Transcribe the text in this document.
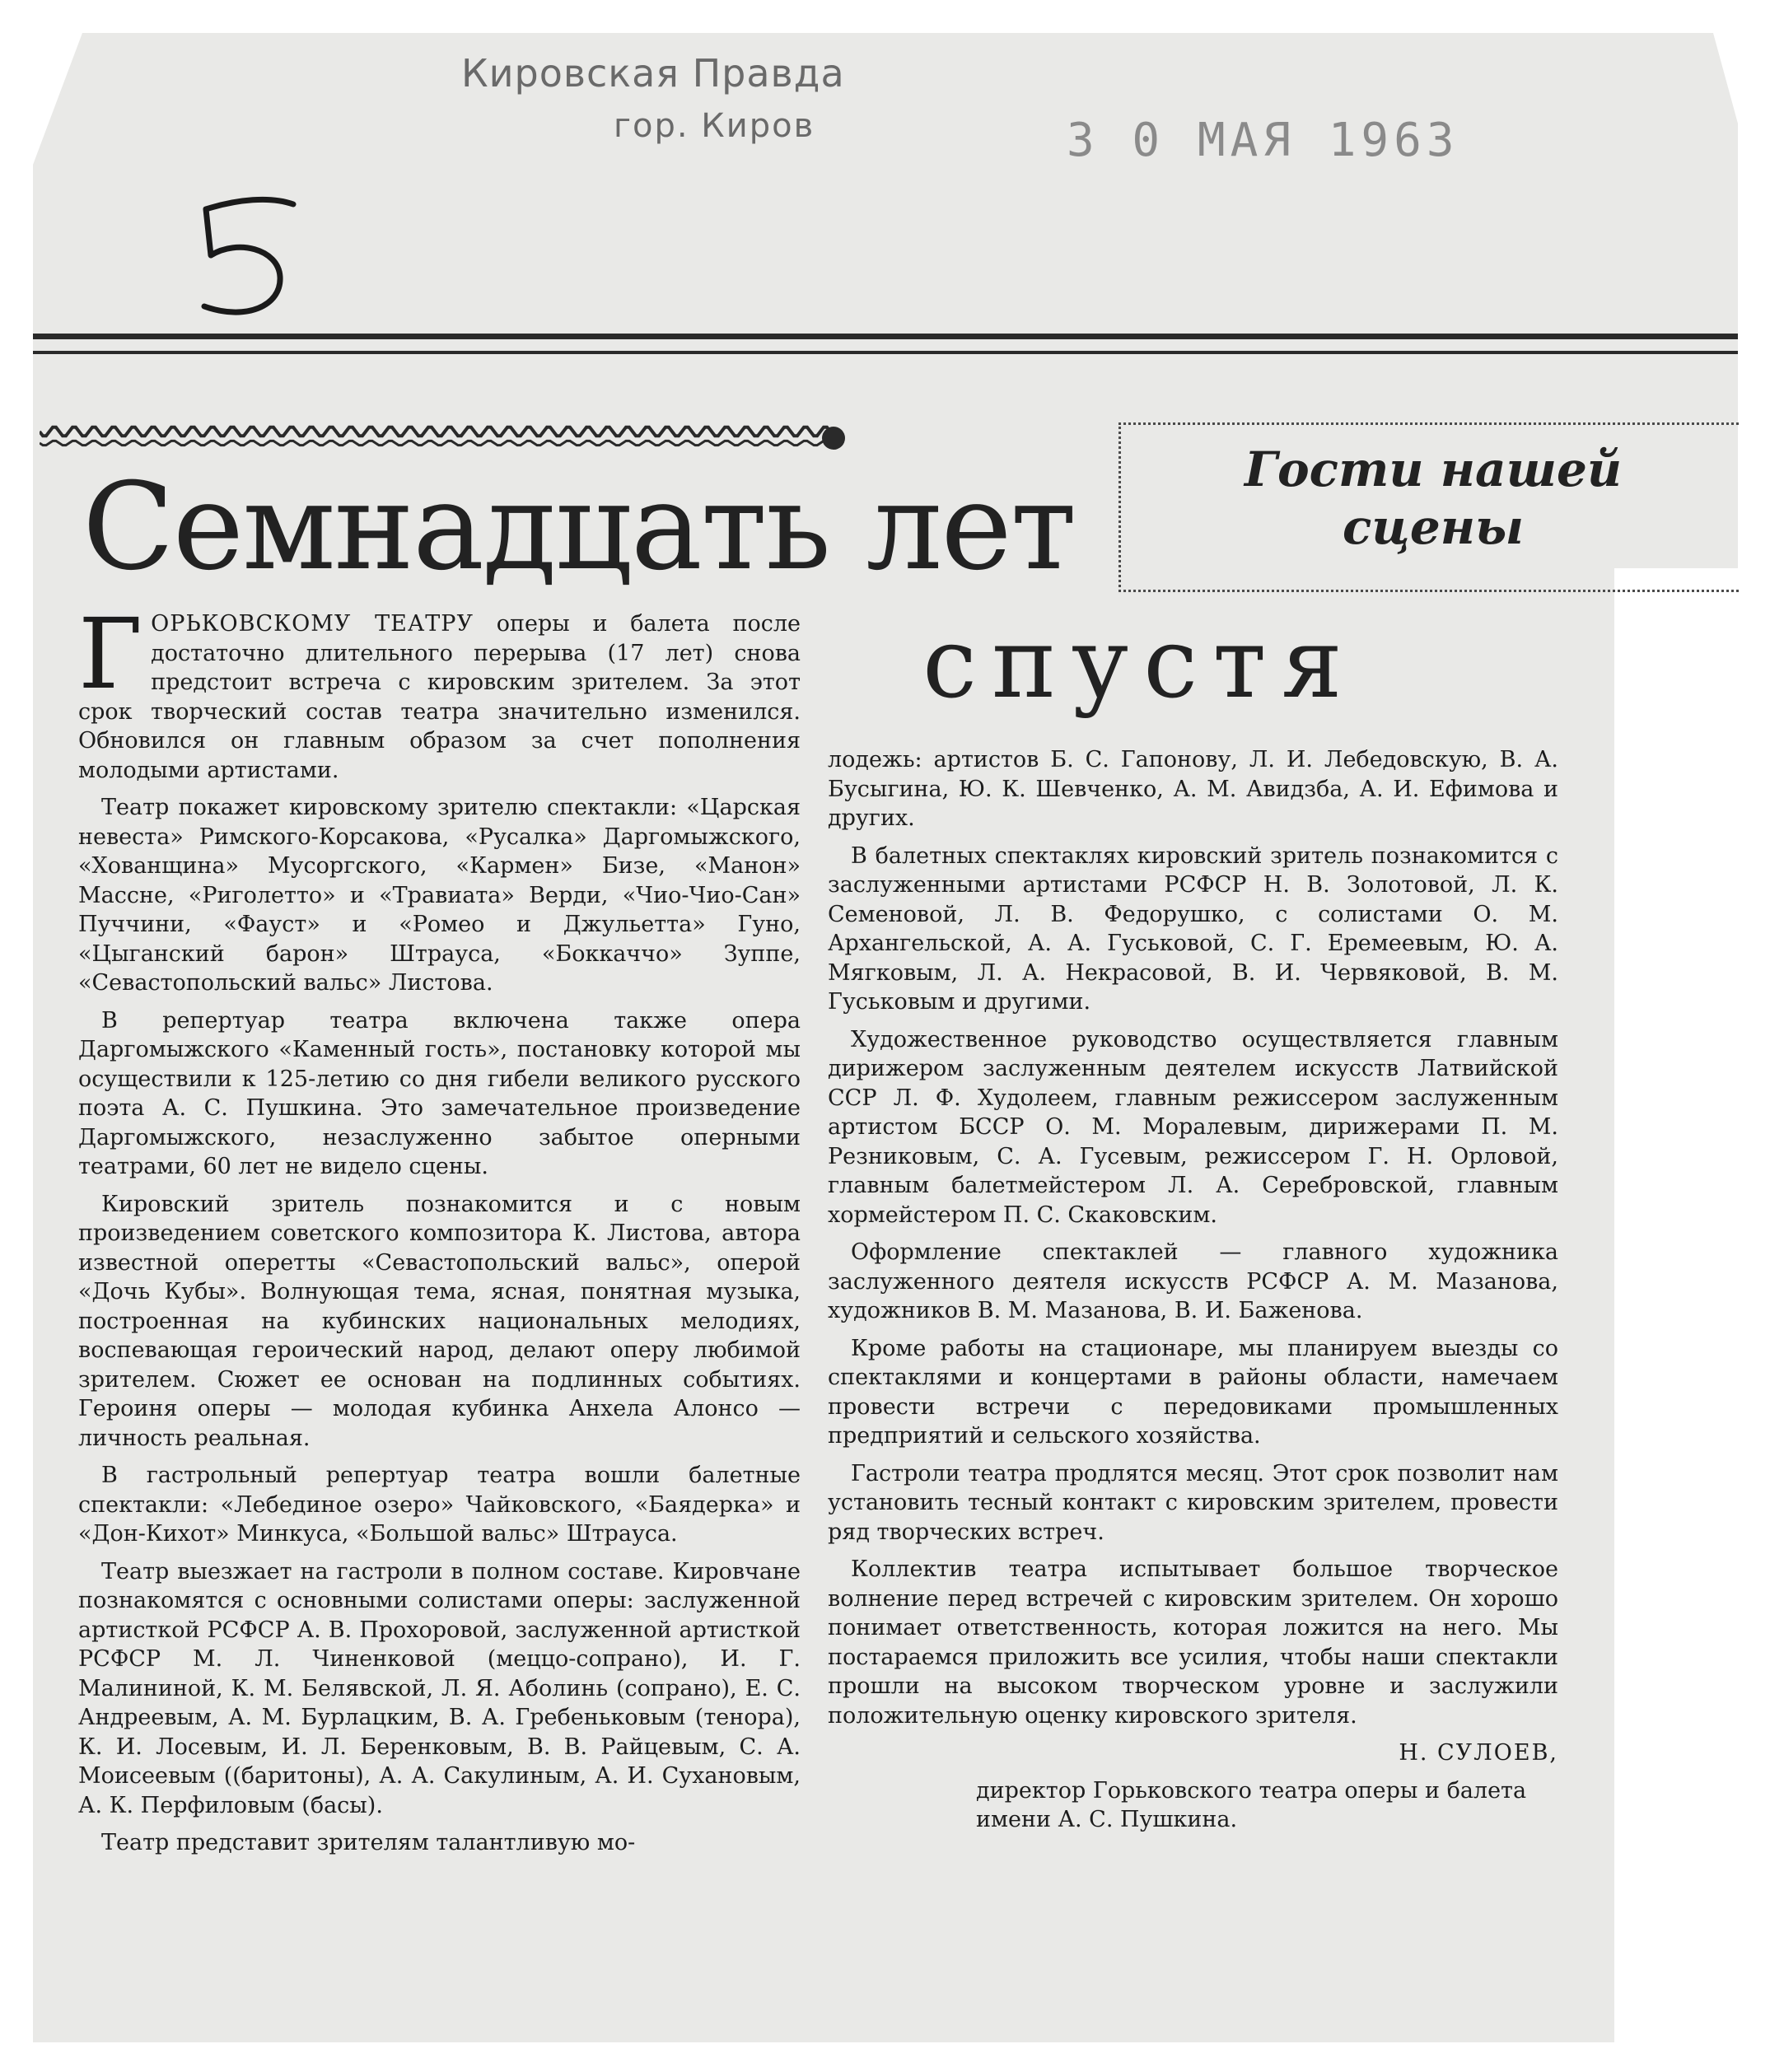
Кировская Правда
гор. Киров	3 0 МАЯ 1963
Гости нашей сцены
Семнадцать лет
спустя

ГОРЬКОВСКОМУ ТЕАТРУ оперы и балета после достаточно длительного перерыва (17 лет) снова предстоит встреча с кировским зрителем. За этот срок творческий состав театра значительно изменился. Обновился он главным образом за счет пополнения молодыми артистами.

Театр покажет кировскому зрителю спектакли: «Царская невеста» Римского-Корсакова, «Русалка» Даргомыжского, «Хованщина» Мусоргского, «Кармен» Бизе, «Манон» Массне, «Риголетто» и «Травиата» Верди, «Чио-Чио-Сан» Пуччини, «Фауст» и «Ромео и Джульетта» Гуно, «Цыганский барон» Штрауса, «Боккаччо» Зуппе, «Севастопольский вальс» Листова.

В репертуар театра включена также опера Даргомыжского «Каменный гость», постановку которой мы осуществили к 125-летию со дня гибели великого русского поэта А. С. Пушкина. Это замечательное произведение Даргомыжского, незаслуженно забытое оперными театрами, 60 лет не видело сцены.

Кировский зритель познакомится и с новым произведением советского композитора К. Листова, автора известной оперетты «Севастопольский вальс», оперой «Дочь Кубы». Волнующая тема, ясная, понятная музыка, построенная на кубинских национальных мелодиях, воспевающая героический народ, делают оперу любимой зрителем. Сюжет ее основан на подлинных событиях. Героиня оперы — молодая кубинка Анхела Алонсо — личность реальная.

В гастрольный репертуар театра вошли балетные спектакли: «Лебединое озеро» Чайковского, «Баядерка» и «Дон-Кихот» Минкуса, «Большой вальс» Штрауса.

Театр выезжает на гастроли в полном составе. Кировчане познакомятся с основными солистами оперы: заслуженной артисткой РСФСР А. В. Прохоровой, заслуженной артисткой РСФСР М. Л. Чиненковой (меццо-сопрано), И. Г. Малининой, К. М. Белявской, Л. Я. Аболинь (сопрано), Е. С. Андреевым, А. М. Бурлацким, В. А. Гребеньковым (тенора), К. И. Лосевым, И. Л. Беренковым, В. В. Райцевым, С. А. Моисеевым ((баритоны), А. А. Сакулиным, А. И. Сухановым, А. К. Перфиловым (басы).

Театр представит зрителям талантливую мо-

лодежь: артистов Б. С. Гапонову, Л. И. Лебедовскую, В. А. Бусыгина, Ю. К. Шевченко, А. М. Авидзба, А. И. Ефимова и других.

В балетных спектаклях кировский зритель познакомится с заслуженными артистами РСФСР Н. В. Золотовой, Л. К. Семеновой, Л. В. Федорушко, с солистами О. М. Архангельской, А. А. Гуськовой, С. Г. Еремеевым, Ю. А. Мягковым, Л. А. Некрасовой, В. И. Червяковой, В. М. Гуськовым и другими.

Художественное руководство осуществляется главным дирижером заслуженным деятелем искусств Латвийской ССР Л. Ф. Худолеем, главным режиссером заслуженным артистом БССР О. М. Моралевым, дирижерами П. М. Резниковым, С. А. Гусевым, режиссером Г. Н. Орловой, главным балетмейстером Л. А. Серебровской, главным хормейстером П. С. Скаковским.

Оформление спектаклей — главного художника заслуженного деятеля искусств РСФСР А. М. Мазанова, художников В. М. Мазанова, В. И. Баженова.

Кроме работы на стационаре, мы планируем выезды со спектаклями и концертами в районы области, намечаем провести встречи с передовиками промышленных предприятий и сельского хозяйства.

Гастроли театра продлятся месяц. Этот срок позволит нам установить тесный контакт с кировским зрителем, провести ряд творческих встреч.

Коллектив театра испытывает большое творческое волнение перед встречей с кировским зрителем. Он хорошо понимает ответственность, которая ложится на него. Мы постараемся приложить все усилия, чтобы наши спектакли прошли на высоком творческом уровне и заслужили положительную оценку кировского зрителя.

Н. СУЛОЕВ,

директор Горьковского театра оперы и балета имени А. С. Пушкина.
